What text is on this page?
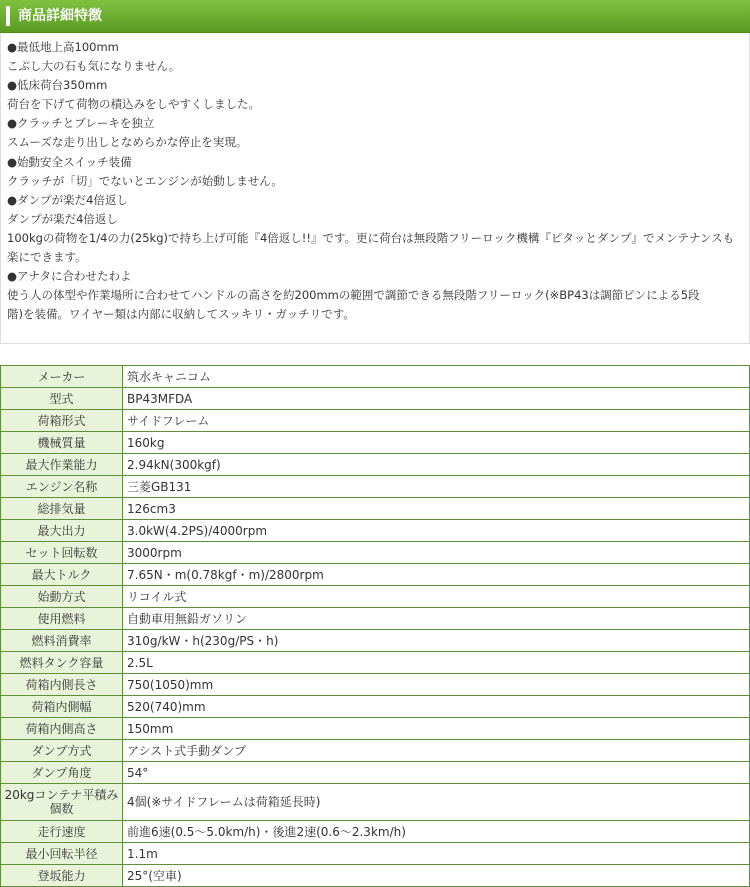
商品詳細特徴
●最低地上高100mm
こぶし大の石も気になりません。
●低床荷台350mm
荷台を下げて荷物の積込みをしやすくしました。
●クラッチとブレーキを独立
スムーズな走り出しとなめらかな停止を実現。
●始動安全スイッチ装備
クラッチが「切」でないとエンジンが始動しません。
●ダンプが楽だ4倍返し
ダンプが楽だ4倍返し
100kgの荷物を1/4の力(25kg)で持ち上げ可能『4倍返し!!』です。更に荷台は無段階フリーロック機構『ピタッとダンプ』でメンテナンスも
楽にできます。
●アナタに合わせたわよ
使う人の体型や作業場所に合わせてハンドルの高さを約200mmの範囲で調節できる無段階フリーロック(※BP43は調節ピンによる5段
階)を装備。ワイヤー類は内部に収納してスッキリ・ガッチリです。
メーカー	筑水キャニコム
型式	BP43MFDA
荷箱形式	サイドフレーム
機械質量	160kg
最大作業能力	2.94kN(300kgf)
エンジン名称	三菱GB131
総排気量	126cm3
最大出力	3.0kW(4.2PS)/4000rpm
セット回転数	3000rpm
最大トルク	7.65N・m(0.78kgf・m)/2800rpm
始動方式	リコイル式
使用燃料	自動車用無鉛ガソリン
燃料消費率	310g/kW・h(230g/PS・h)
燃料タンク容量	2.5L
荷箱内側長さ	750(1050)mm
荷箱内側幅	520(740)mm
荷箱内側高さ	150mm
ダンプ方式	アシスト式手動ダンプ
ダンプ角度	54°
20kgコンテナ平積み個数	4個(※サイドフレームは荷箱延長時)
走行速度	前進6速(0.5～5.0km/h)・後進2速(0.6～2.3km/h)
最小回転半径	1.1m
登坂能力	25°(空車)
